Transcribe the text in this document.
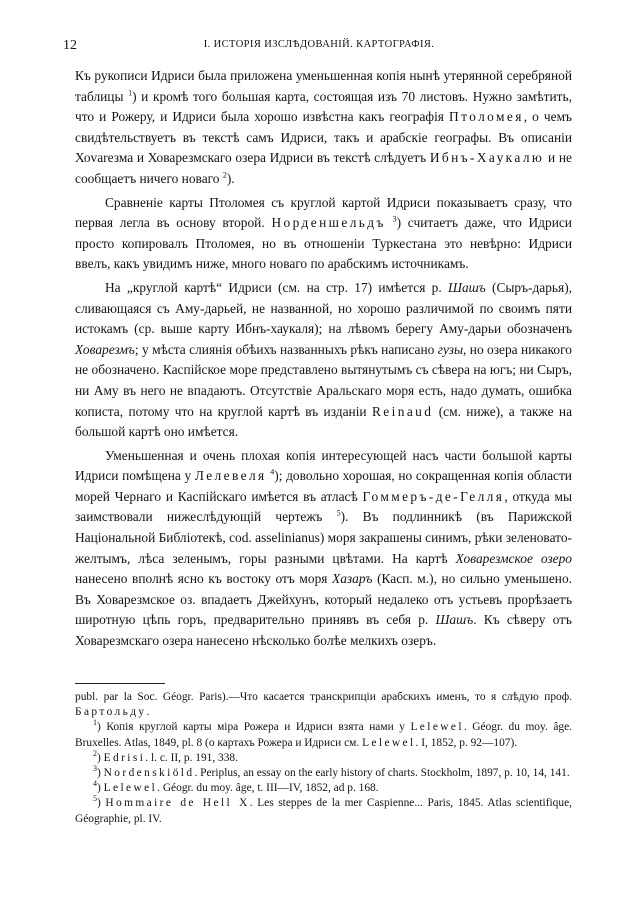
12	I. ИСТОРІЯ ИЗСЛѢДОВАНІЙ. КАРТОГРАФІЯ.

Къ рукописи Идриси была приложена уменьшенная копія нынѣ утерянной серебряной таблицы $^1$) и кромѣ того большая карта, состоящая изъ 70 листовъ. Нужно замѣтить, что и Рожеру, и Идриси была хорошо извѣстна какъ географія Птоломея, о чемъ свидѣтельствуетъ въ текстѣ самъ Идриси, такъ и арабскіе географы. Въ описаніи Хоvarезма и Ховарезмскаго озера Идриси въ текстѣ слѣдуетъ Ибнъ-Хаукалю и не сообщаетъ ничего новаго $^2$).

Сравненіе карты Птоломея съ круглой картой Идриси показываетъ сразу, что первая легла въ основу второй. Норденшельдъ $^3$) считаетъ даже, что Идриси просто копировалъ Птоломея, но въ отношеніи Туркестана это невѣрно: Идриси ввелъ, какъ увидимъ ниже, много новаго по арабскимъ источникамъ.

На „круглой картѣ“ Идриси (см. на стр. 17) имѣется р. Шашъ (Сыръ-дарья), сливающаяся съ Аму-дарьей, не названной, но хорошо различимой по своимъ пяти истокамъ (ср. выше карту Ибнъ-хаукаля); на лѣвомъ берегу Аму-дарьи обозначенъ Ховарезмъ; у мѣста слиянія обѣихъ названныхъ рѣкъ написано гузы, но озера никакого не обозначено. Каспійское море представлено вытянутымъ съ сѣвера на югъ; ни Сыръ, ни Аму въ него не впадаютъ. Отсутствіе Аральскаго моря есть, надо думать, ошибка кописта, потому что на круглой картѣ въ изданіи Reinaud (см. ниже), а также на большой картѣ оно имѣется.

Уменьшенная и очень плохая копія интересующей насъ части большой карты Идриси помѣщена у Лелевеля $^4$); довольно хорошая, но сокращенная копія области морей Чернаго и Каспійскаго имѣется въ атласѣ Гоммеръ-де-Гелля, откуда мы заимствовали нижеслѣдующій чертежъ $^5$). Въ подлинникѣ (въ Парижской Національной Библіотекѣ, cod. asselinianus) моря закрашены синимъ, рѣки зеленовато-желтымъ, лѣса зеленымъ, горы разными цвѣтами. На картѣ Ховарезмское озеро нанесено вполнѣ ясно къ востоку отъ моря Хазаръ (Касп. м.), но сильно уменьшено. Въ Ховарезмское оз. впадаетъ Джейхунъ, который недалеко отъ устьевъ прорѣзаетъ широтную цѣпь горъ, предварительно принявъ въ себя р. Шашъ. Къ сѣверу отъ Ховарезмскаго озера нанесено нѣсколько болѣе мелкихъ озеръ.

publ. par la Soc. Géogr. Paris).—Что касается транскрипціи арабскихъ именъ, то я слѣдую проф. Бартольду.

$^1$) Копія круглой карты міра Рожера и Идриси взята нами у Lelewel. Géogr. du moy. âge. Bruxelles. Atlas, 1849, pl. 8 (о картахъ Рожера и Идриси см. Lelewel. I, 1852, p. 92—107).

$^2$) Edrisi. l. c. II, p. 191, 338.

$^3$) Nordenskiöld. Periplus, an essay on the early history of charts. Stockholm, 1897, p. 10, 14, 141.

$^4$) Lelewel. Géogr. du moy. âge, t. III—IV, 1852, ad p. 168.

$^5$) Hommaire de Hell X. Les steppes de la mer Caspienne... Paris, 1845. Atlas scientifique, Géographie, pl. IV.
